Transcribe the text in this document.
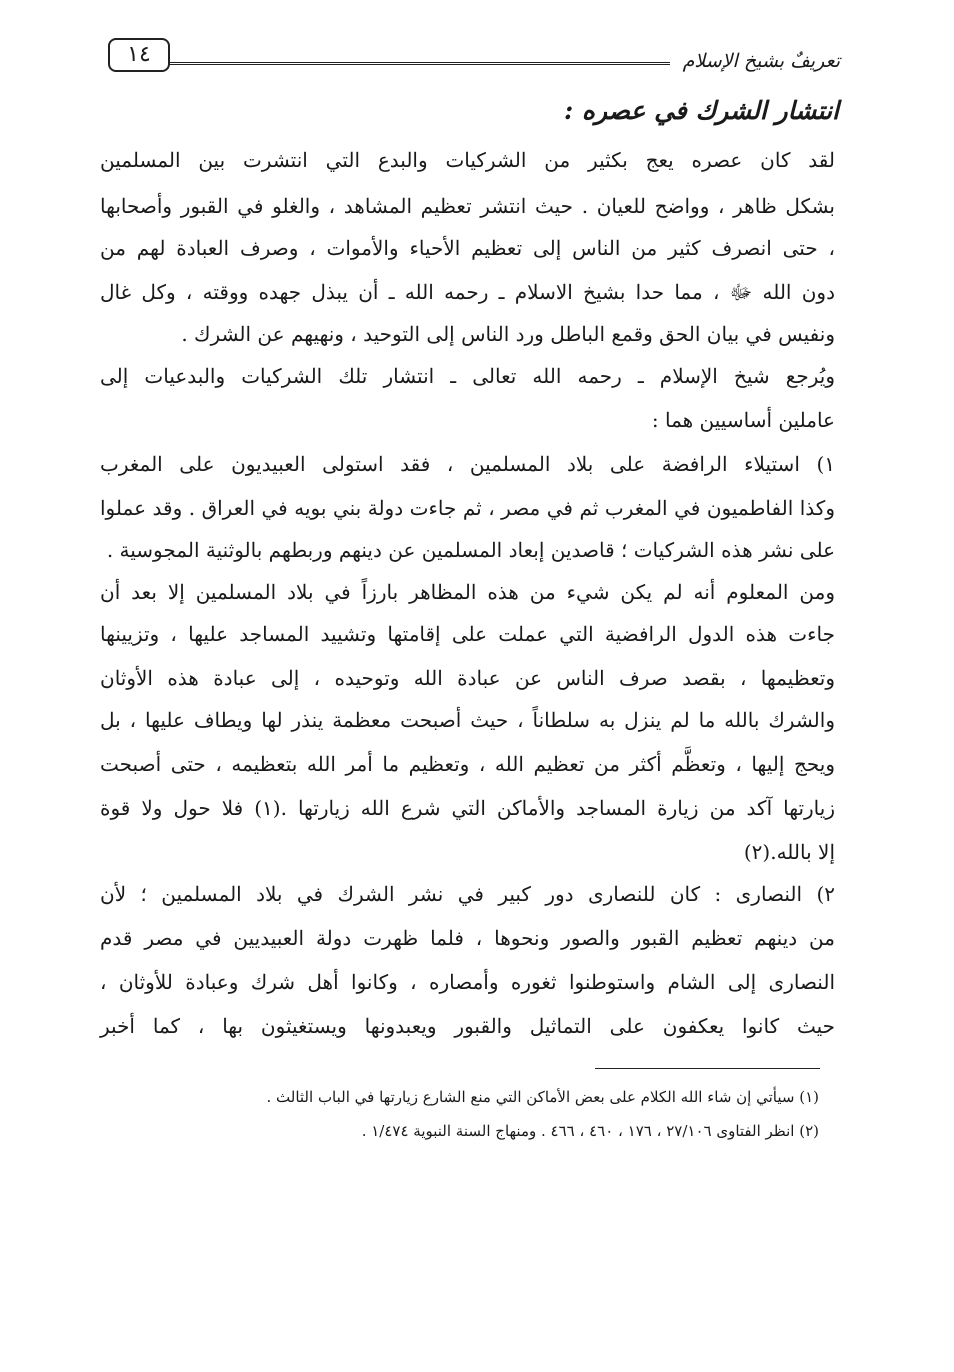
١٤	تعريفٌ بشيخ الإسلام
انتشار الشرك في عصره :
لقد كان عصره يعج بكثير من الشركيات والبدع التي انتشرت بين المسلمين
بشكل ظاهر ، وواضح للعيان . حيث انتشر تعظيم المشاهد ، والغلو في القبور وأصحابها
، حتى انصرف كثير من الناس إلى تعظيم الأحياء والأموات ، وصرف العبادة لهم من
دون الله ﷻ ، مما حدا بشيخ الاسلام ـ رحمه الله ـ أن يبذل جهده ووقته ، وكل غال
ونفيس في بيان الحق وقمع الباطل ورد الناس إلى التوحيد ، ونهيهم عن الشرك .
ويُرجع شيخ الإسلام ـ رحمه الله تعالى ـ انتشار تلك الشركيات والبدعيات إلى
عاملين أساسيين هما :
١) استيلاء الرافضة على بلاد المسلمين ، فقد استولى العبيديون على المغرب
وكذا الفاطميون في المغرب ثم في مصر ، ثم جاءت دولة بني بويه في العراق . وقد عملوا
على نشر هذه الشركيات ؛ قاصدين إبعاد المسلمين عن دينهم وربطهم بالوثنية المجوسية .
ومن المعلوم أنه لم يكن شيء من هذه المظاهر بارزاً في بلاد المسلمين إلا بعد أن
جاءت هذه الدول الرافضية التي عملت على إقامتها وتشييد المساجد عليها ، وتزيينها
وتعظيمها ، بقصد صرف الناس عن عبادة الله وتوحيده ، إلى عبادة هذه الأوثان
والشرك بالله ما لم ينزل به سلطاناً ، حيث أصبحت معظمة ينذر لها ويطاف عليها ، بل
ويحج إليها ، وتعظَّم أكثر من تعظيم الله ، وتعظيم ما أمر الله بتعظيمه ، حتى أصبحت
زيارتها آكد من زيارة المساجد والأماكن التي شرع الله زيارتها .(١) فلا حول ولا قوة
إلا بالله.(٢)
٢) النصارى : كان للنصارى دور كبير في نشر الشرك في بلاد المسلمين ؛ لأن
من دينهم تعظيم القبور والصور ونحوها ، فلما ظهرت دولة العبيديين في مصر قدم
النصارى إلى الشام واستوطنوا ثغوره وأمصاره ، وكانوا أهل شرك وعبادة للأوثان ،
حيث كانوا يعكفون على التماثيل والقبور ويعبدونها ويستغيثون بها ، كما أخبر
(١) سيأتي إن شاء الله الكلام على بعض الأماكن التي منع الشارع زيارتها في الباب الثالث .
(٢) انظر الفتاوى ٢٧/١٠٦ ، ١٧٦ ، ٤٦٠ ، ٤٦٦ . ومنهاج السنة النبوية ١/٤٧٤ .
